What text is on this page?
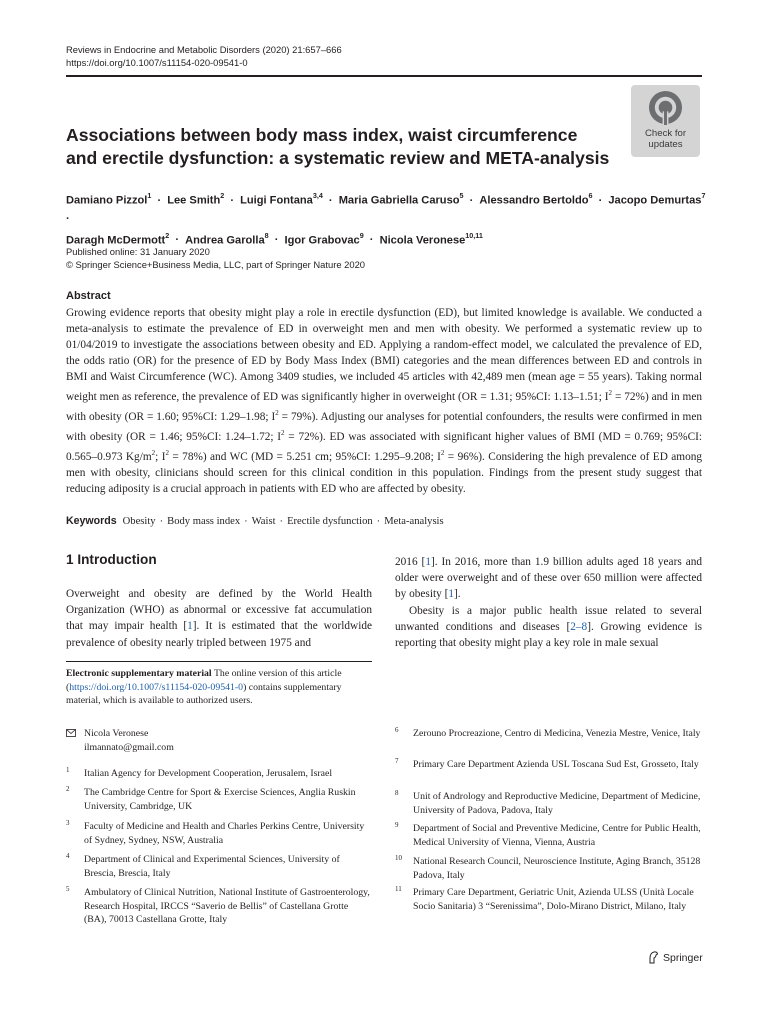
Reviews in Endocrine and Metabolic Disorders (2020) 21:657–666
https://doi.org/10.1007/s11154-020-09541-0
Check for
updates
Associations between body mass index, waist circumference
and erectile dysfunction: a systematic review and META-analysis
Damiano Pizzol$^1$ · Lee Smith$^2$ · Luigi Fontana$^{3,4}$ · Maria Gabriella Caruso$^5$ · Alessandro Bertoldo$^6$ · Jacopo Demurtas$^7$ ·
Daragh McDermott$^2$ · Andrea Garolla$^8$ · Igor Grabovac$^9$ · Nicola Veronese$^{10,11}$
Published online: 31 January 2020
© Springer Science+Business Media, LLC, part of Springer Nature 2020
Abstract
Growing evidence reports that obesity might play a role in erectile dysfunction (ED), but limited knowledge is available. We conducted a meta-analysis to estimate the prevalence of ED in overweight men and men with obesity. We performed a systematic review up to 01/04/2019 to investigate the associations between obesity and ED. Applying a random-effect model, we calculated the prevalence of ED, the odds ratio (OR) for the presence of ED by Body Mass Index (BMI) categories and the mean differences between ED and controls in BMI and Waist Circumference (WC). Among 3409 studies, we included 45 articles with 42,489 men (mean age = 55 years). Taking normal weight men as reference, the prevalence of ED was significantly higher in overweight (OR = 1.31; 95%CI: 1.13–1.51; $I^2 = 72\%$) and in men with obesity (OR = 1.60; 95%CI: 1.29–1.98; $I^2 = 79\%$). Adjusting our analyses for potential confounders, the results were confirmed in men with obesity (OR = 1.46; 95%CI: 1.24–1.72; $I^2 = 72\%$). ED was associated with significant higher values of BMI (MD = 0.769; 95%CI: 0.565–0.973 $Kg/m^2$; $I^2 = 78\%$) and WC (MD = 5.251 cm; 95%CI: 1.295–9.208; $I^2 = 96\%$). Considering the high prevalence of ED among men with obesity, clinicians should screen for this clinical condition in this population. Findings from the present study suggest that reducing adiposity is a crucial approach in patients with ED who are affected by obesity.
Keywords Obesity · Body mass index · Waist · Erectile dysfunction · Meta-analysis
1 Introduction
Overweight and obesity are defined by the World Health Organization (WHO) as abnormal or excessive fat accumulation that may impair health [1]. It is estimated that the worldwide prevalence of obesity nearly tripled between 1975 and
2016 [1]. In 2016, more than 1.9 billion adults aged 18 years and older were overweight and of these over 650 million were affected by obesity [1].
Obesity is a major public health issue related to several unwanted conditions and diseases [2–8]. Growing evidence is reporting that obesity might play a key role in male sexual
Electronic supplementary material The online version of this article (https://doi.org/10.1007/s11154-020-09541-0) contains supplementary material, which is available to authorized users.
Nicola Veronese
ilmannato@gmail.com
1 Italian Agency for Development Cooperation, Jerusalem, Israel
2 The Cambridge Centre for Sport & Exercise Sciences, Anglia Ruskin University, Cambridge, UK
3 Faculty of Medicine and Health and Charles Perkins Centre, University of Sydney, Sydney, NSW, Australia
4 Department of Clinical and Experimental Sciences, University of Brescia, Brescia, Italy
5 Ambulatory of Clinical Nutrition, National Institute of Gastroenterology, Research Hospital, IRCCS “Saverio de Bellis” of Castellana Grotte (BA), 70013 Castellana Grotte, Italy
6 Zerouno Procreazione, Centro di Medicina, Venezia Mestre, Venice, Italy
7 Primary Care Department Azienda USL Toscana Sud Est, Grosseto, Italy
8 Unit of Andrology and Reproductive Medicine, Department of Medicine, University of Padova, Padova, Italy
9 Department of Social and Preventive Medicine, Centre for Public Health, Medical University of Vienna, Vienna, Austria
10 National Research Council, Neuroscience Institute, Aging Branch, 35128 Padova, Italy
11 Primary Care Department, Geriatric Unit, Azienda ULSS (Unità Locale Socio Sanitaria) 3 “Serenissima”, Dolo-Mirano District, Milano, Italy
Springer
